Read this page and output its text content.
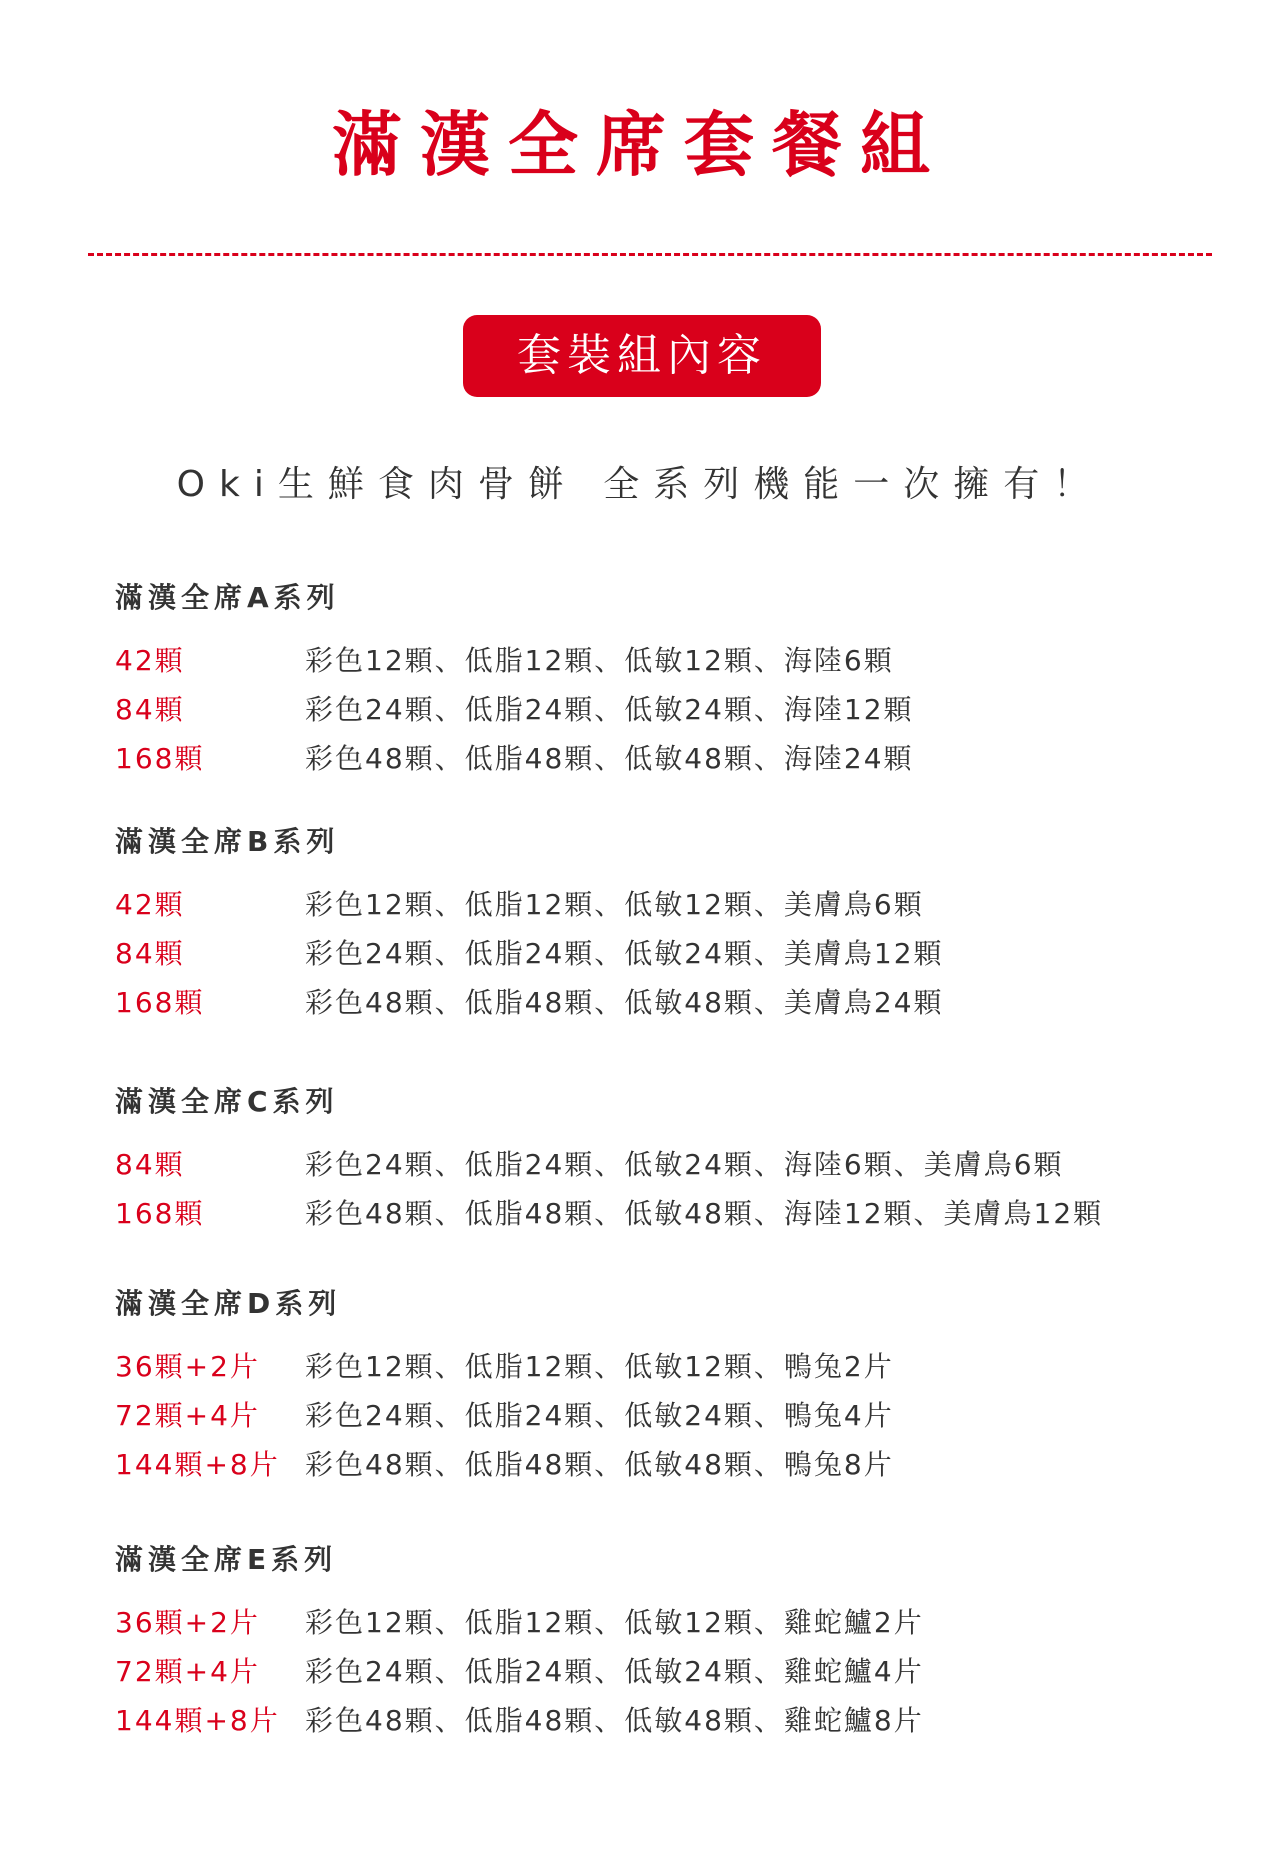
滿漢全席套餐組
套裝組內容
Oki生鮮食肉骨餅 全系列機能一次擁有！
滿漢全席A系列
42顆	彩色12顆、低脂12顆、低敏12顆、海陸6顆
84顆	彩色24顆、低脂24顆、低敏24顆、海陸12顆
168顆	彩色48顆、低脂48顆、低敏48顆、海陸24顆
滿漢全席B系列
42顆	彩色12顆、低脂12顆、低敏12顆、美膚鳥6顆
84顆	彩色24顆、低脂24顆、低敏24顆、美膚鳥12顆
168顆	彩色48顆、低脂48顆、低敏48顆、美膚鳥24顆
滿漢全席C系列
84顆	彩色24顆、低脂24顆、低敏24顆、海陸6顆、美膚鳥6顆
168顆	彩色48顆、低脂48顆、低敏48顆、海陸12顆、美膚鳥12顆
滿漢全席D系列
36顆+2片	彩色12顆、低脂12顆、低敏12顆、鴨兔2片
72顆+4片	彩色24顆、低脂24顆、低敏24顆、鴨兔4片
144顆+8片 彩色48顆、低脂48顆、低敏48顆、鴨兔8片
滿漢全席E系列
36顆+2片	彩色12顆、低脂12顆、低敏12顆、雞蛇鱸2片
72顆+4片	彩色24顆、低脂24顆、低敏24顆、雞蛇鱸4片
144顆+8片 彩色48顆、低脂48顆、低敏48顆、雞蛇鱸8片
